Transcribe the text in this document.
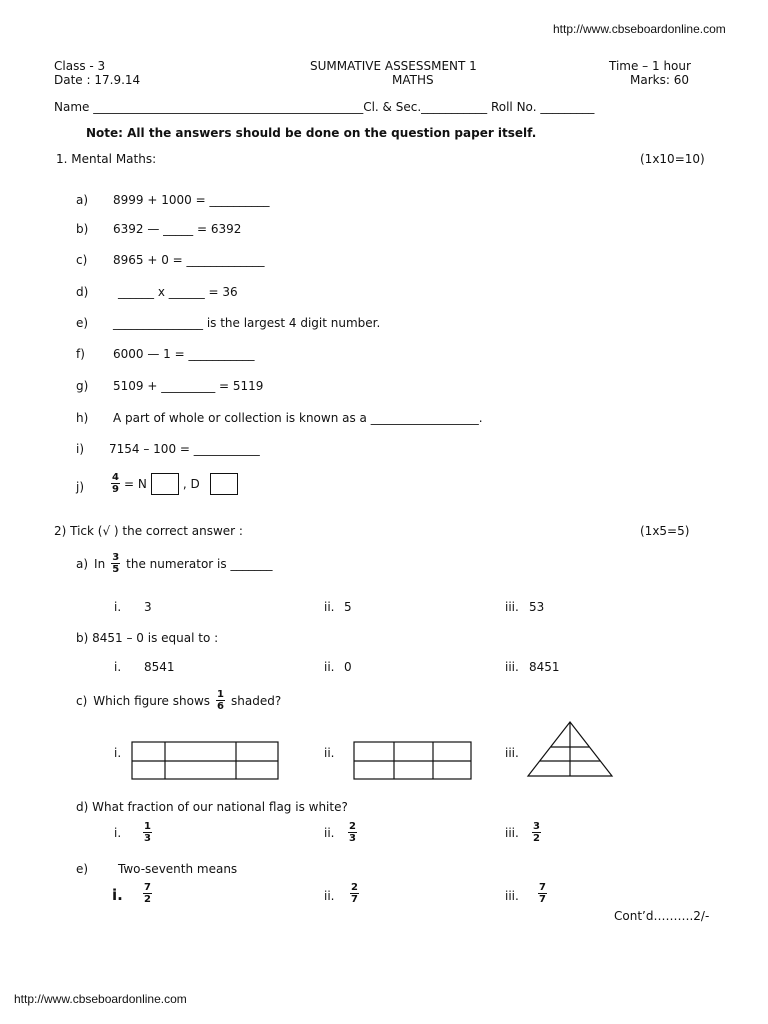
http://www.cbseboardonline.com
Class - 3
Date : 17.9.14
SUMMATIVE ASSESSMENT 1
MATHS
Time – 1 hour
Marks: 60
Name _____________________________________________Cl. & Sec.___________ Roll No. _________
Note: All the answers should be done on the question paper itself.
1. Mental Maths:	(1x10=10)
a) 8999 + 1000 = __________
b) 6392 — _____ = 6392
c) 8965 + 0 = _____________
d) ______ x ______ = 36
e) _______________ is the largest 4 digit number.
f) 6000 — 1 = ___________
g) 5109 + _________ = 5119
h) A part of whole or collection is known as a __________________.
i) 7154 – 100 = ___________
j)	$\frac{4}{9} = N$	, D
2) Tick (√ ) the correct answer :	(1x5=5)
a) In $\frac{3}{5}$ the numerator is _______
i. 3	ii. 5	iii. 53
b) 8451 – 0 is equal to :
i. 8541	ii. 0	iii. 8451
c) Which figure shows $\frac{1}{6}$ shaded?
i.	ii.	iii.
d) What fraction of our national flag is white?
i. $\frac{1}{3}$	ii. $\frac{2}{3}$	iii. $\frac{3}{2}$
e) Two-seventh means
i. $\frac{7}{2}$	ii. $\frac{2}{7}$	iii. $\frac{7}{7}$
Cont’d……….2/-
http://www.cbseboardonline.com
